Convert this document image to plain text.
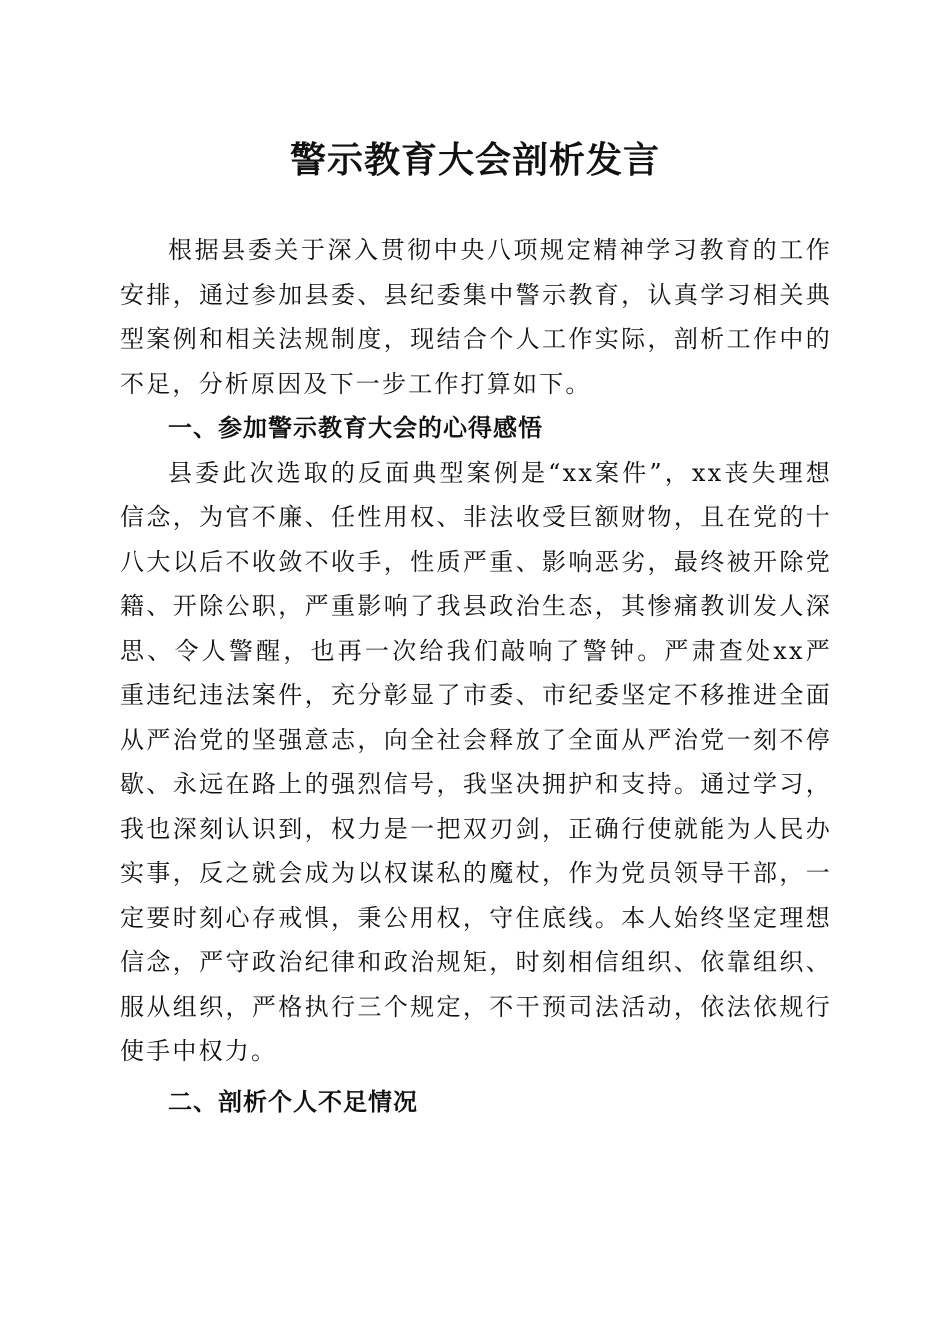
警示教育大会剖析发言

根据县委关于深入贯彻中央八项规定精神学习教育的工作安排，通过参加县委、县纪委集中警示教育，认真学习相关典型案例和相关法规制度，现结合个人工作实际，剖析工作中的不足，分析原因及下一步工作打算如下。

一、参加警示教育大会的心得感悟

县委此次选取的反面典型案例是“xx案件”，xx丧失理想信念，为官不廉、任性用权、非法收受巨额财物，且在党的十八大以后不收敛不收手，性质严重、影响恶劣，最终被开除党籍、开除公职，严重影响了我县政治生态，其惨痛教训发人深思、令人警醒，也再一次给我们敲响了警钟。严肃查处xx严重违纪违法案件，充分彰显了市委、市纪委坚定不移推进全面从严治党的坚强意志，向全社会释放了全面从严治党一刻不停歇、永远在路上的强烈信号，我坚决拥护和支持。通过学习，我也深刻认识到，权力是一把双刃剑，正确行使就能为人民办实事，反之就会成为以权谋私的魔杖，作为党员领导干部，一定要时刻心存戒惧，秉公用权，守住底线。本人始终坚定理想信念，严守政治纪律和政治规矩，时刻相信组织、依靠组织、服从组织，严格执行三个规定，不干预司法活动，依法依规行使手中权力。

二、剖析个人不足情况
